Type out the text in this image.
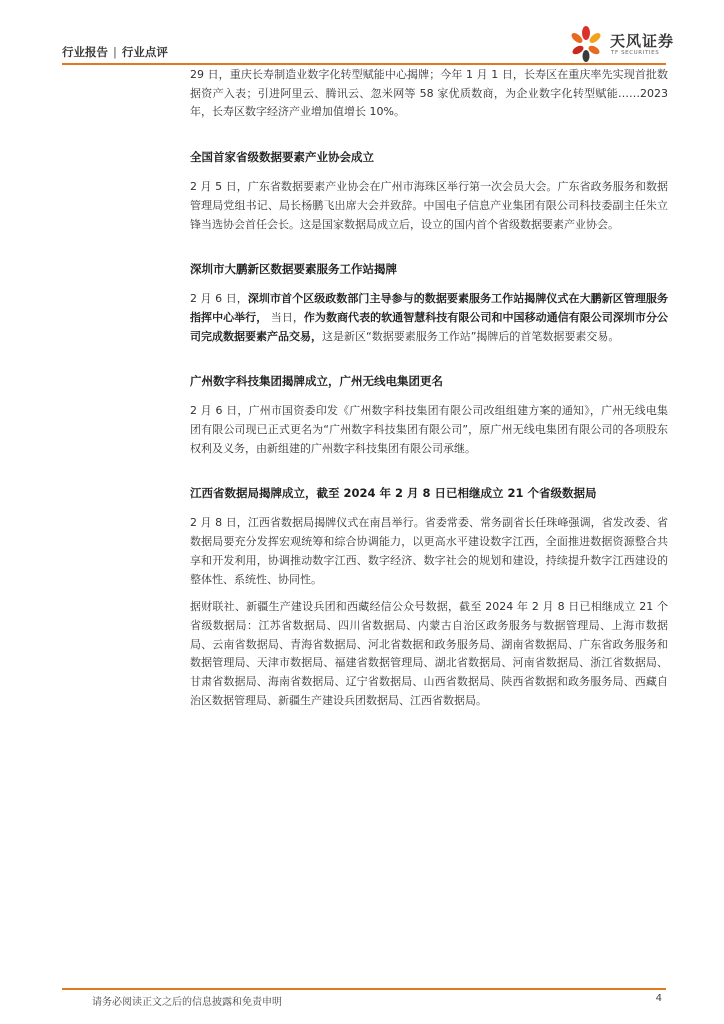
行业报告 | 行业点评
天风证券
TF SECURITIES

29 日，重庆长寿制造业数字化转型赋能中心揭牌；今年 1 月 1 日，长寿区在重庆率先实现首批数据资产入表；引进阿里云、腾讯云、忽米网等 58 家优质数商，为企业数字化转型赋能……2023 年，长寿区数字经济产业增加值增长 10%。

全国首家省级数据要素产业协会成立

2 月 5 日，广东省数据要素产业协会在广州市海珠区举行第一次会员大会。广东省政务服务和数据管理局党组书记、局长杨鹏飞出席大会并致辞。中国电子信息产业集团有限公司科技委副主任朱立锋当选协会首任会长。这是国家数据局成立后，设立的国内首个省级数据要素产业协会。

深圳市大鹏新区数据要素服务工作站揭牌

2 月 6 日，深圳市首个区级政数部门主导参与的数据要素服务工作站揭牌仪式在大鹏新区管理服务指挥中心举行， 当日，作为数商代表的软通智慧科技有限公司和中国移动通信有限公司深圳市分公司完成数据要素产品交易，这是新区“数据要素服务工作站”揭牌后的首笔数据要素交易。

广州数字科技集团揭牌成立，广州无线电集团更名

2 月 6 日，广州市国资委印发《广州数字科技集团有限公司改组组建方案的通知》，广州无线电集团有限公司现已正式更名为“广州数字科技集团有限公司”，原广州无线电集团有限公司的各项股东权利及义务，由新组建的广州数字科技集团有限公司承继。

江西省数据局揭牌成立，截至 2024 年 2 月 8 日已相继成立 21 个省级数据局

2 月 8 日，江西省数据局揭牌仪式在南昌举行。省委常委、常务副省长任珠峰强调，省发改委、省数据局要充分发挥宏观统筹和综合协调能力，以更高水平建设数字江西，全面推进数据资源整合共享和开发利用，协调推动数字江西、数字经济、数字社会的规划和建设，持续提升数字江西建设的整体性、系统性、协同性。

据财联社、新疆生产建设兵团和西藏经信公众号数据，截至 2024 年 2 月 8 日已相继成立 21 个省级数据局：江苏省数据局、四川省数据局、内蒙古自治区政务服务与数据管理局、上海市数据局、云南省数据局、青海省数据局、河北省数据和政务服务局、湖南省数据局、广东省政务服务和数据管理局、天津市数据局、福建省数据管理局、湖北省数据局、河南省数据局、浙江省数据局、甘肃省数据局、海南省数据局、辽宁省数据局、山西省数据局、陕西省数据和政务服务局、西藏自治区数据管理局、新疆生产建设兵团数据局、江西省数据局。

请务必阅读正文之后的信息披露和免责申明	4
